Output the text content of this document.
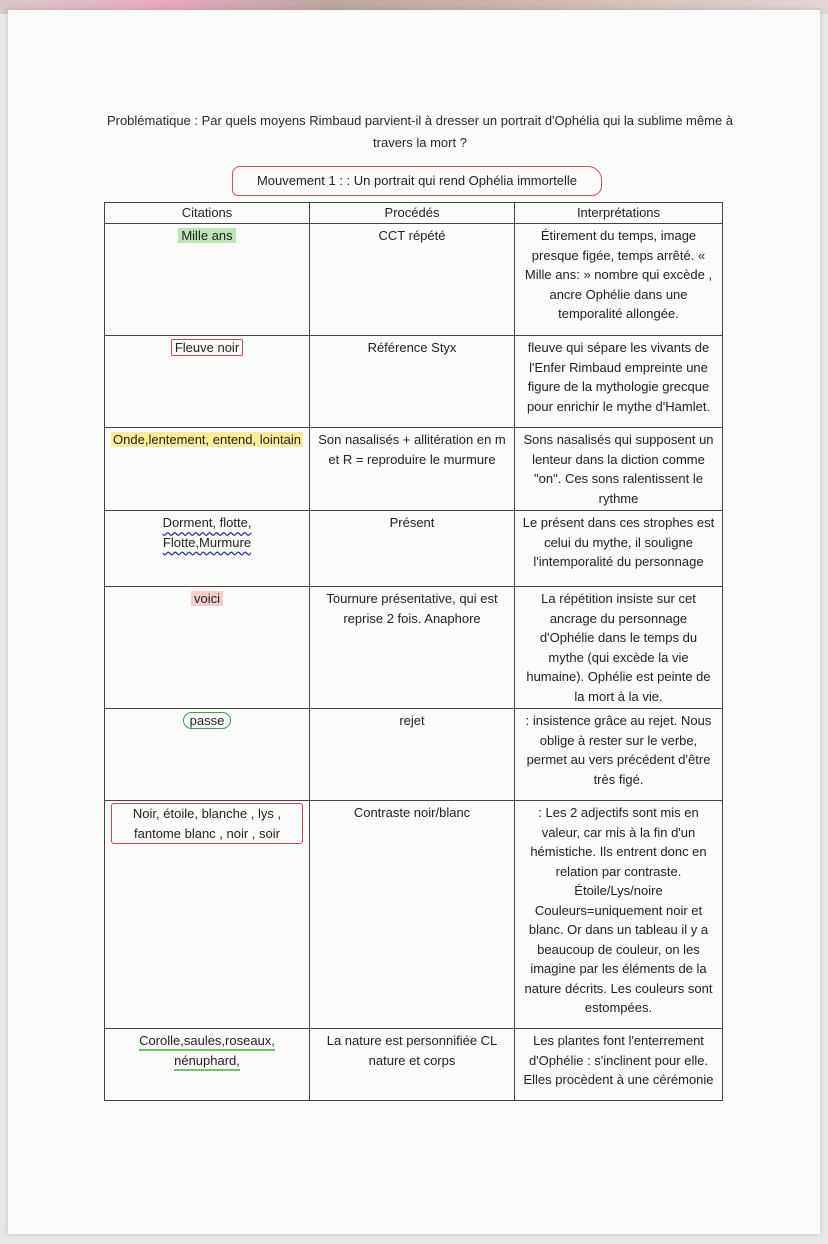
Problématique : Par quels moyens Rimbaud parvient-il à dresser un portrait d'Ophélia qui la sublime même à travers la mort ?
Mouvement 1 : : Un portrait qui rend Ophélia immortelle
Citations	Procédés	Interprétations
Mille ans	CCT répété	Étirement du temps, image presque figée, temps arrêté. « Mille ans: » nombre qui excède , ancre Ophélie dans une temporalité allongée.
Fleuve noir	Référence Styx	fleuve qui sépare les vivants de l'Enfer Rimbaud empreinte une figure de la mythologie grecque pour enrichir le mythe d'Hamlet.
Onde,lentement, entend, lointain	Son nasalisés + allitération en m et R = reproduire le murmure	Sons nasalisés qui supposent un lenteur dans la diction comme "on". Ces sons ralentissent le rythme
Dorment, flotte, Flotte,Murmure	Présent	Le présent dans ces strophes est celui du mythe, il souligne l'intemporalité du personnage
voici	Tournure présentative, qui est reprise 2 fois. Anaphore	La répétition insiste sur cet ancrage du personnage d'Ophélie dans le temps du mythe (qui excède la vie humaine). Ophélie est peinte de la mort à la vie.
passe	rejet	: insistence grâce au rejet. Nous oblige à rester sur le verbe, permet au vers précédent d'être très figé.
Noir, étoile, blanche , lys , fantome blanc , noir , soir	Contraste noir/blanc	: Les 2 adjectifs sont mis en valeur, car mis à la fin d'un hémistiche. Ils entrent donc en relation par contraste. Étoile/Lys/noire Couleurs=uniquement noir et blanc. Or dans un tableau il y a beaucoup de couleur, on les imagine par les éléments de la nature décrits. Les couleurs sont estompées.
Corolle,saules,roseaux, nénuphard,	La nature est personnifiée CL nature et corps	Les plantes font l'enterrement d'Ophélie : s'inclinent pour elle. Elles procèdent à une cérémonie
